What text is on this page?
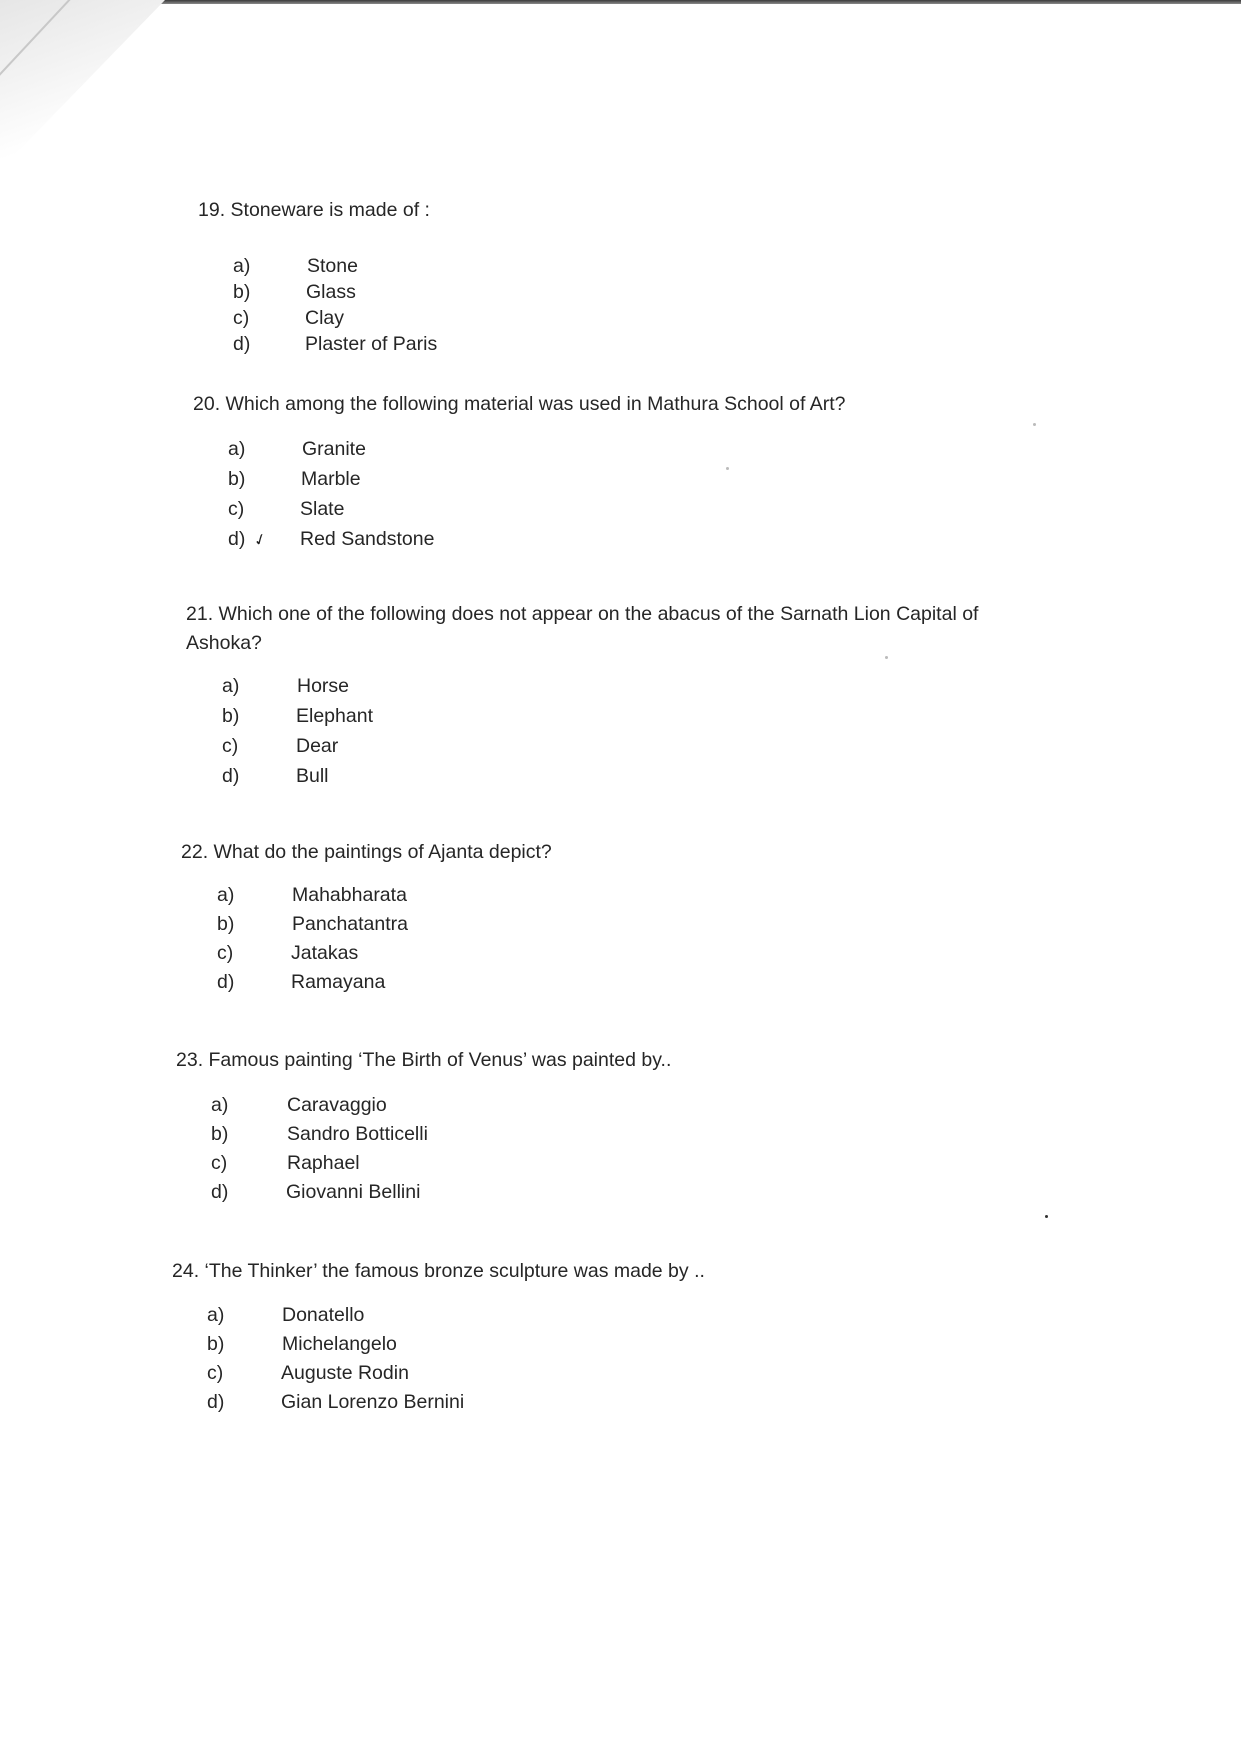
19. Stoneware is made of :
a)	Stone
b)	Glass
c)	Clay
d)	Plaster of Paris
20. Which among the following material was used in Mathura School of Art?
a)	Granite
b)	Marble
c)	Slate
d) ✓ Red Sandstone
21. Which one of the following does not appear on the abacus of the Sarnath Lion Capital of
Ashoka?
a)	Horse
b)	Elephant
c)	Dear
d)	Bull
22. What do the paintings of Ajanta depict?
a)	Mahabharata
b)	Panchatantra
c)	Jatakas
d)	Ramayana
23. Famous painting ‘The Birth of Venus’ was painted by..
a)	Caravaggio
b)	Sandro Botticelli
c)	Raphael
d)	Giovanni Bellini
24. ‘The Thinker’ the famous bronze sculpture was made by ..
a)	Donatello
b)	Michelangelo
c)	Auguste Rodin
d)	Gian Lorenzo Bernini
